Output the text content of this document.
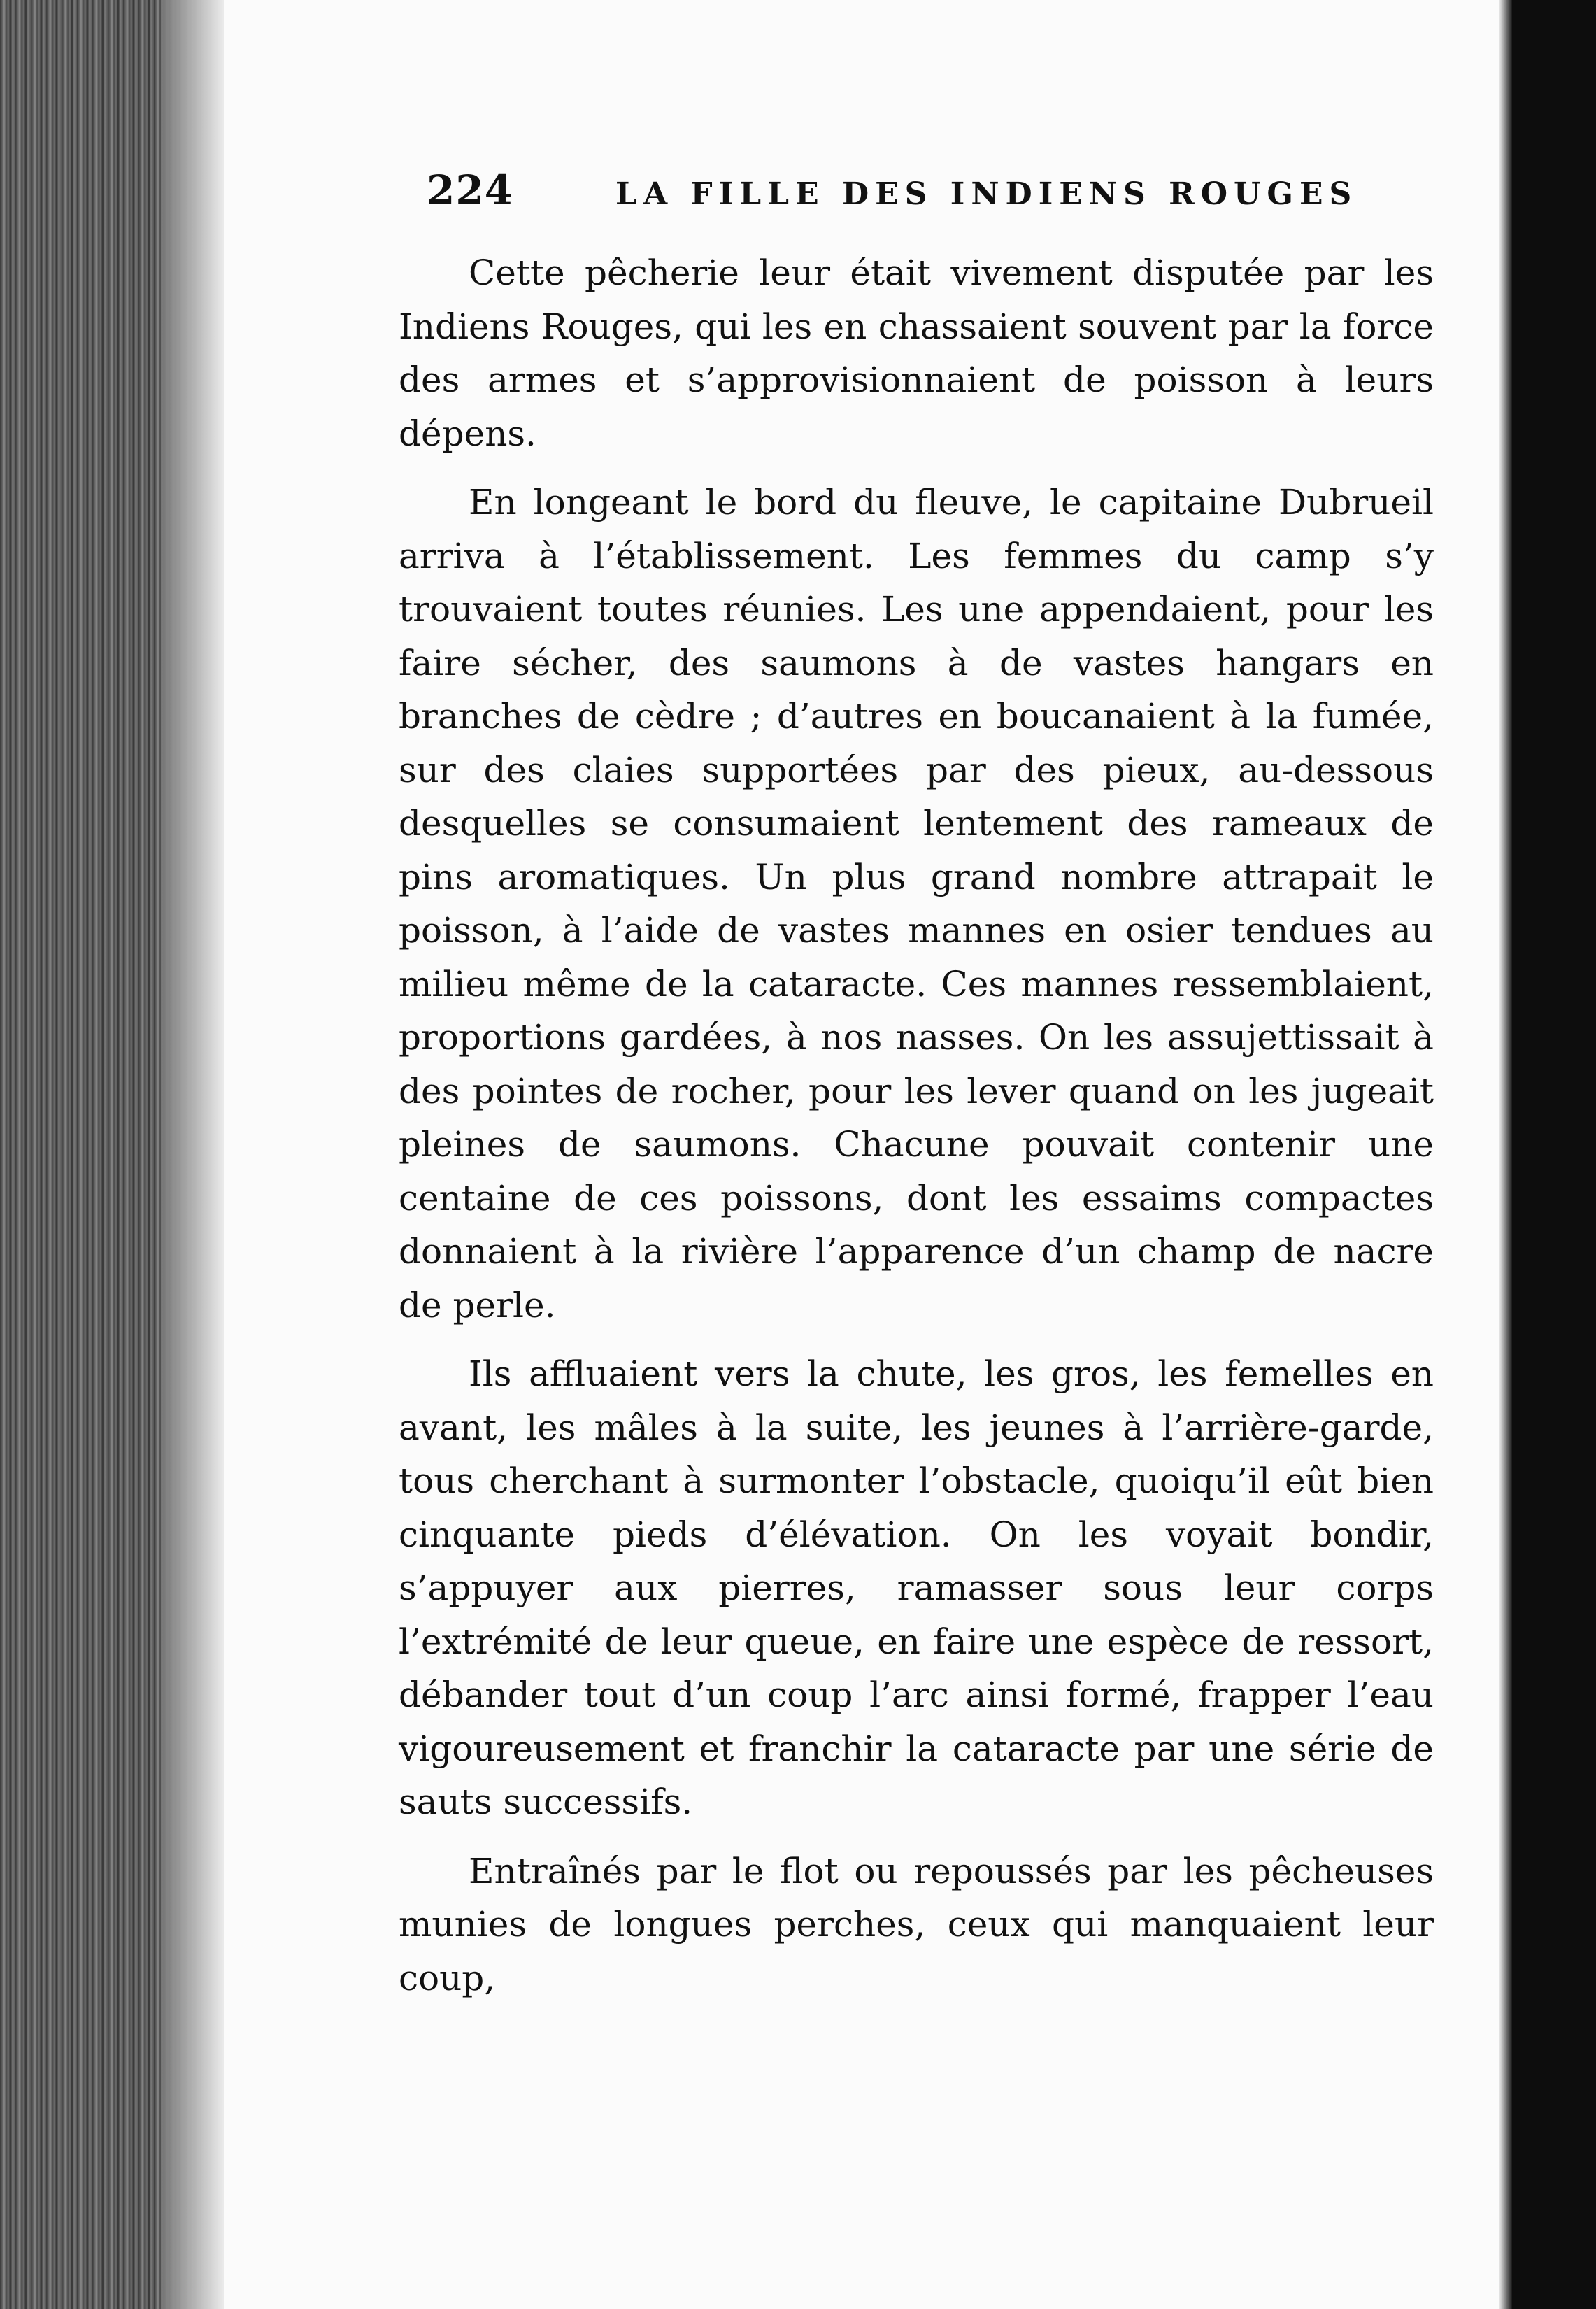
224	LA FILLE DES INDIENS ROUGES

Cette pêcherie leur était vivement disputée par les Indiens Rouges, qui les en chassaient souvent par la force des armes et s’approvisionnaient de poisson à leurs dépens.

En longeant le bord du fleuve, le capitaine Dubrueil arriva à l’établissement. Les femmes du camp s’y trouvaient toutes réunies. Les une appendaient, pour les faire sécher, des saumons à de vastes hangars en branches de cèdre ; d’autres en boucanaient à la fumée, sur des claies supportées par des pieux, au-dessous desquelles se consumaient lentement des rameaux de pins aromatiques. Un plus grand nombre attrapait le poisson, à l’aide de vastes mannes en osier tendues au milieu même de la cataracte. Ces mannes ressemblaient, proportions gardées, à nos nasses. On les assujettissait à des pointes de rocher, pour les lever quand on les jugeait pleines de saumons. Chacune pouvait contenir une centaine de ces poissons, dont les essaims compactes donnaient à la rivière l’apparence d’un champ de nacre de perle.

Ils affluaient vers la chute, les gros, les femelles en avant, les mâles à la suite, les jeunes à l’arrière-garde, tous cherchant à surmonter l’obstacle, quoiqu’il eût bien cinquante pieds d’élévation. On les voyait bondir, s’appuyer aux pierres, ramasser sous leur corps l’extrémité de leur queue, en faire une espèce de ressort, débander tout d’un coup l’arc ainsi formé, frapper l’eau vigoureusement et franchir la cataracte par une série de sauts successifs.

Entraînés par le flot ou repoussés par les pêcheuses munies de longues perches, ceux qui manquaient leur coup,
